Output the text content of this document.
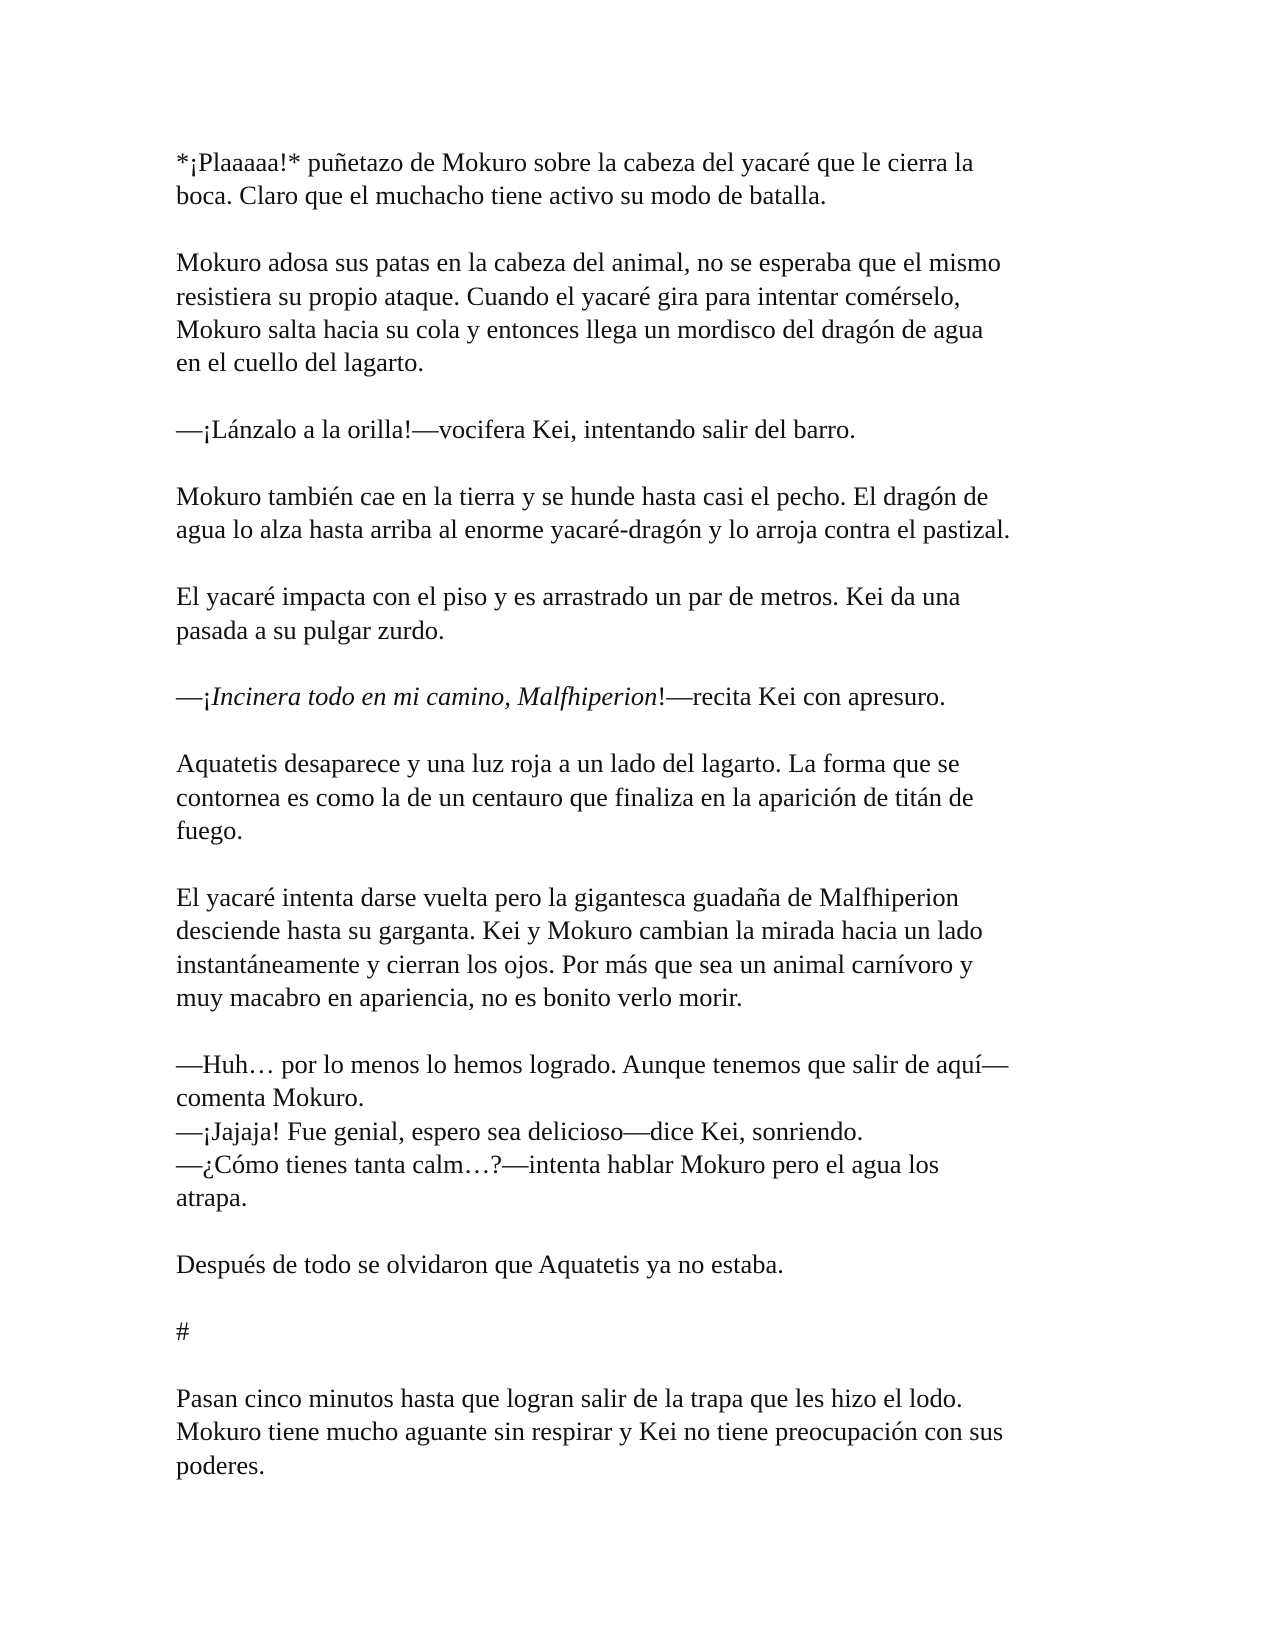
*¡Plaaaaa!* puñetazo de Mokuro sobre la cabeza del yacaré que le cierra la
boca. Claro que el muchacho tiene activo su modo de batalla.

Mokuro adosa sus patas en la cabeza del animal, no se esperaba que el mismo
resistiera su propio ataque. Cuando el yacaré gira para intentar comérselo,
Mokuro salta hacia su cola y entonces llega un mordisco del dragón de agua
en el cuello del lagarto.

—¡Lánzalo a la orilla!—vocifera Kei, intentando salir del barro.

Mokuro también cae en la tierra y se hunde hasta casi el pecho. El dragón de
agua lo alza hasta arriba al enorme yacaré-dragón y lo arroja contra el pastizal.

El yacaré impacta con el piso y es arrastrado un par de metros. Kei da una
pasada a su pulgar zurdo.

—¡Incinera todo en mi camino, Malfhiperion!—recita Kei con apresuro.

Aquatetis desaparece y una luz roja a un lado del lagarto. La forma que se
contornea es como la de un centauro que finaliza en la aparición de titán de
fuego.

El yacaré intenta darse vuelta pero la gigantesca guadaña de Malfhiperion
desciende hasta su garganta. Kei y Mokuro cambian la mirada hacia un lado
instantáneamente y cierran los ojos. Por más que sea un animal carnívoro y
muy macabro en apariencia, no es bonito verlo morir.

—Huh… por lo menos lo hemos logrado. Aunque tenemos que salir de aquí—
comenta Mokuro.
—¡Jajaja! Fue genial, espero sea delicioso—dice Kei, sonriendo.
—¿Cómo tienes tanta calm…?—intenta hablar Mokuro pero el agua los
atrapa.

Después de todo se olvidaron que Aquatetis ya no estaba.

#

Pasan cinco minutos hasta que logran salir de la trapa que les hizo el lodo.
Mokuro tiene mucho aguante sin respirar y Kei no tiene preocupación con sus
poderes.
